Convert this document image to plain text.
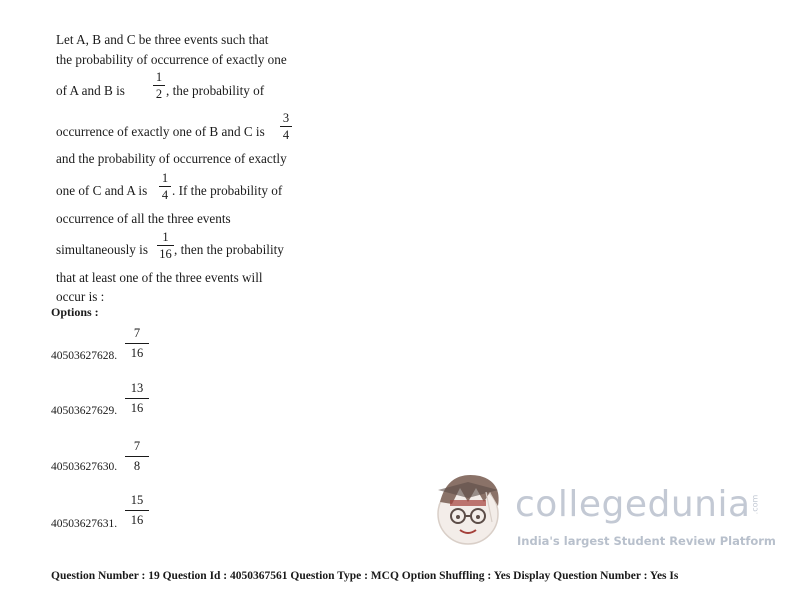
Let A, B and C be three events such that
the probability of occurrence of exactly one
of A and B is
1
2 , the probability of
3
4
occurrence of exactly one of B and C is
and the probability of occurrence of exactly
one of C and A is
1
4 . If the probability of
occurrence of all the three events
simultaneously is
1
16 , then the probability
that at least one of the three events will
occur is :
Options :
7
16
40503627628.
13
16
40503627629.
7
8
40503627630.
15
16
40503627631.	collegedunia .com
India's largest Student Review Platform
Question Number : 19 Question Id : 4050367561 Question Type : MCQ Option Shuffling : Yes Display Question Number : Yes Is
